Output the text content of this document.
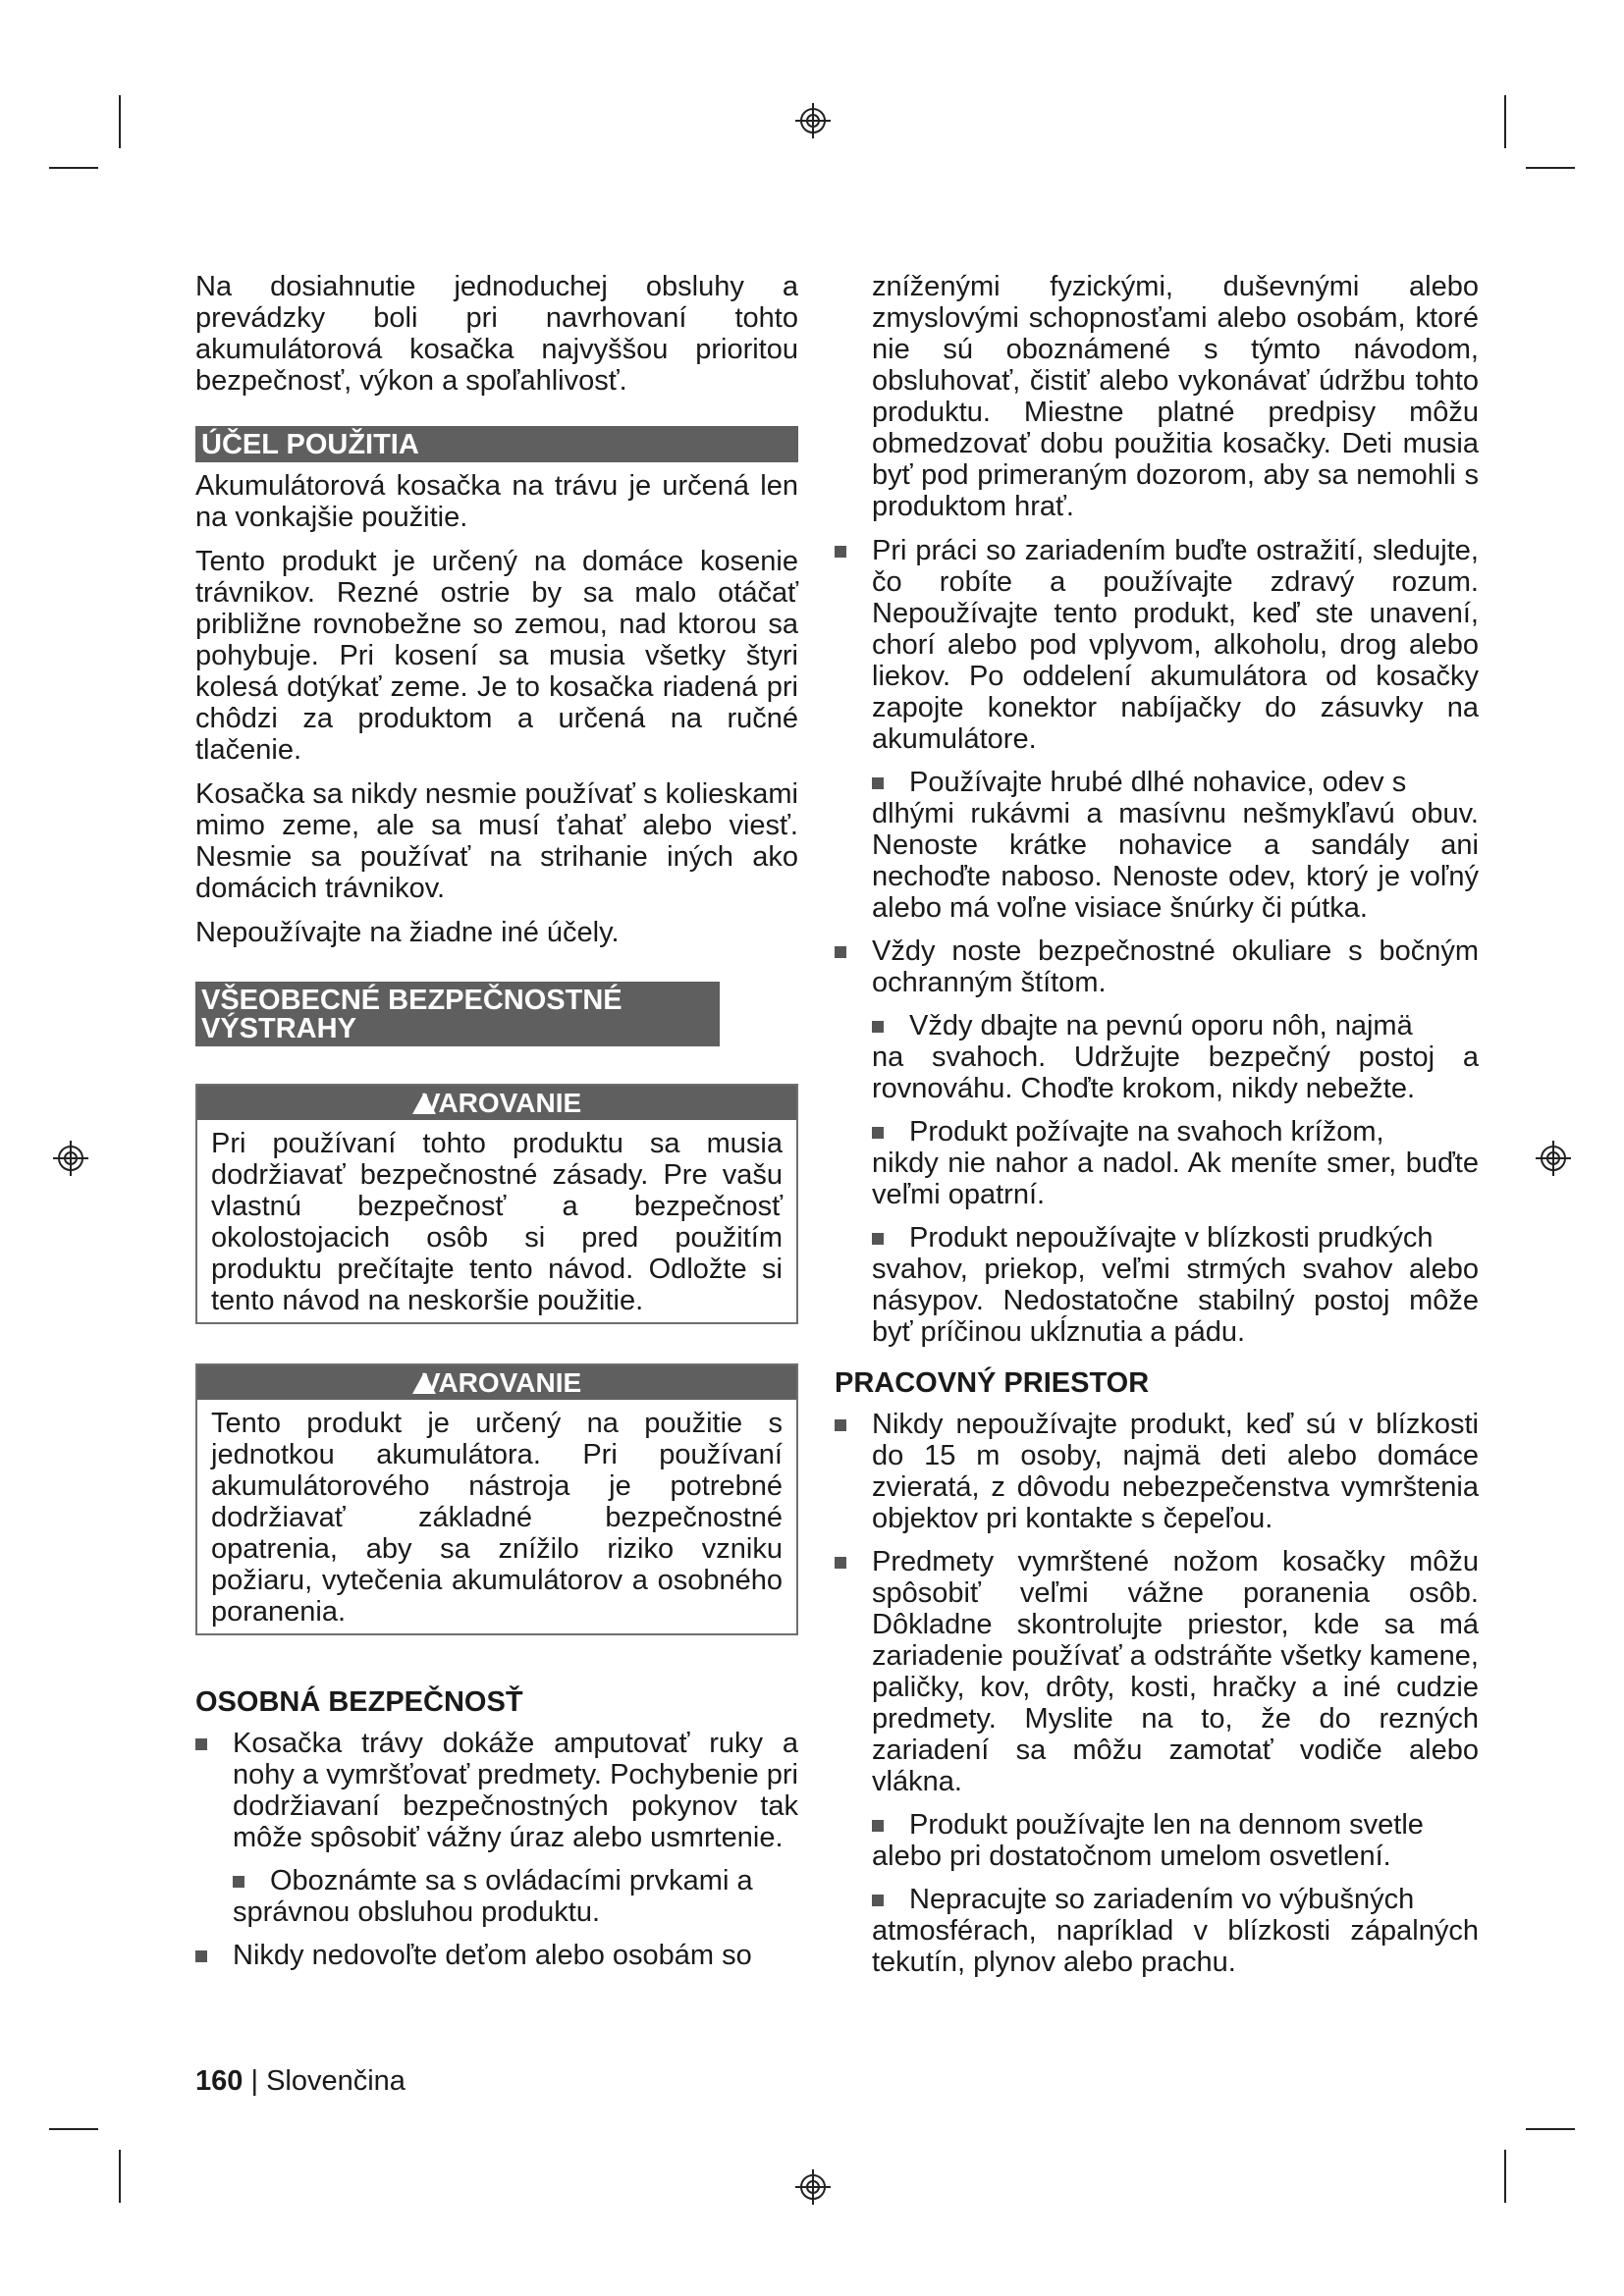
Na dosiahnutie jednoduchej obsluhy a prevádzky boli pri navrhovaní tohto akumulátorová kosačka najvyššou prioritou bezpečnosť, výkon a spoľahlivosť.

ÚČEL POUŽITIA

Akumulátorová kosačka na trávu je určená len na vonkajšie použitie.

Tento produkt je určený na domáce kosenie trávnikov. Rezné ostrie by sa malo otáčať približne rovnobežne so zemou, nad ktorou sa pohybuje. Pri kosení sa musia všetky štyri kolesá dotýkať zeme. Je to kosačka riadená pri chôdzi za produktom a určená na ručné tlačenie.

Kosačka sa nikdy nesmie používať s kolieskami mimo zeme, ale sa musí ťahať alebo viesť. Nesmie sa používať na strihanie iných ako domácich trávnikov.

Nepoužívajte na žiadne iné účely.

VŠEOBECNÉ BEZPEČNOSTNÉ VÝSTRAHY
VAROVANIE

Pri používaní tohto produktu sa musia dodržiavať bezpečnostné zásady. Pre vašu vlastnú bezpečnosť a bezpečnosť okolostojacich osôb si pred použitím produktu prečítajte tento návod. Odložte si tento návod na neskoršie použitie.

VAROVANIE

Tento produkt je určený na použitie s jednotkou akumulátora. Pri používaní akumulátorového nástroja je potrebné dodržiavať základné bezpečnostné opatrenia, aby sa znížilo riziko vzniku požiaru, vytečenia akumulátorov a osobného poranenia.

OSOBNÁ BEZPEČNOSŤ
Kosačka trávy dokáže amputovať ruky a nohy a vymršťovať predmety. Pochybenie pri dodržiavaní bezpečnostných pokynov tak môže spôsobiť vážny úraz alebo usmrtenie.
Oboznámte sa s ovládacími prvkami a
správnou obsluhou produktu.
Nikdy nedovoľte deťom alebo osobám so

zníženými fyzickými, duševnými alebo zmyslovými schopnosťami alebo osobám, ktoré nie sú oboznámené s týmto návodom, obsluhovať, čistiť alebo vykonávať údržbu tohto produktu. Miestne platné predpisy môžu obmedzovať dobu použitia kosačky. Deti musia byť pod primeraným dozorom, aby sa nemohli s produktom hrať.

Pri práci so zariadením buďte ostražití, sledujte, čo robíte a používajte zdravý rozum. Nepoužívajte tento produkt, keď ste unavení, chorí alebo pod vplyvom, alkoholu, drog alebo liekov. Po oddelení akumulátora od kosačky zapojte konektor nabíjačky do zásuvky na akumulátore.
Používajte hrubé dlhé nohavice, odev s
dlhými rukávmi a masívnu nešmykľavú obuv. Nenoste krátke nohavice a sandály ani nechoďte naboso. Nenoste odev, ktorý je voľný alebo má voľne visiace šnúrky či pútka.
Vždy noste bezpečnostné okuliare s bočným ochranným štítom.
Vždy dbajte na pevnú oporu nôh, najmä
na svahoch. Udržujte bezpečný postoj a rovnováhu. Choďte krokom, nikdy nebežte.
Produkt požívajte na svahoch krížom,
nikdy nie nahor a nadol. Ak meníte smer, buďte veľmi opatrní.
Produkt nepoužívajte v blízkosti prudkých
svahov, priekop, veľmi strmých svahov alebo násypov. Nedostatočne stabilný postoj môže byť príčinou ukĺznutia a pádu.
PRACOVNÝ PRIESTOR
Nikdy nepoužívajte produkt, keď sú v blízkosti do 15 m osoby, najmä deti alebo domáce zvieratá, z dôvodu nebezpečenstva vymrštenia objektov pri kontakte s čepeľou.
Predmety vymrštené nožom kosačky môžu spôsobiť veľmi vážne poranenia osôb. Dôkladne skontrolujte priestor, kde sa má zariadenie používať a odstráňte všetky kamene, paličky, kov, drôty, kosti, hračky a iné cudzie predmety. Myslite na to, že do rezných zariadení sa môžu zamotať vodiče alebo vlákna.
Produkt používajte len na dennom svetle
alebo pri dostatočnom umelom osvetlení.
Nepracujte so zariadením vo výbušných
atmosférach, napríklad v blízkosti zápalných tekutín, plynov alebo prachu.
160 | Slovenčina
